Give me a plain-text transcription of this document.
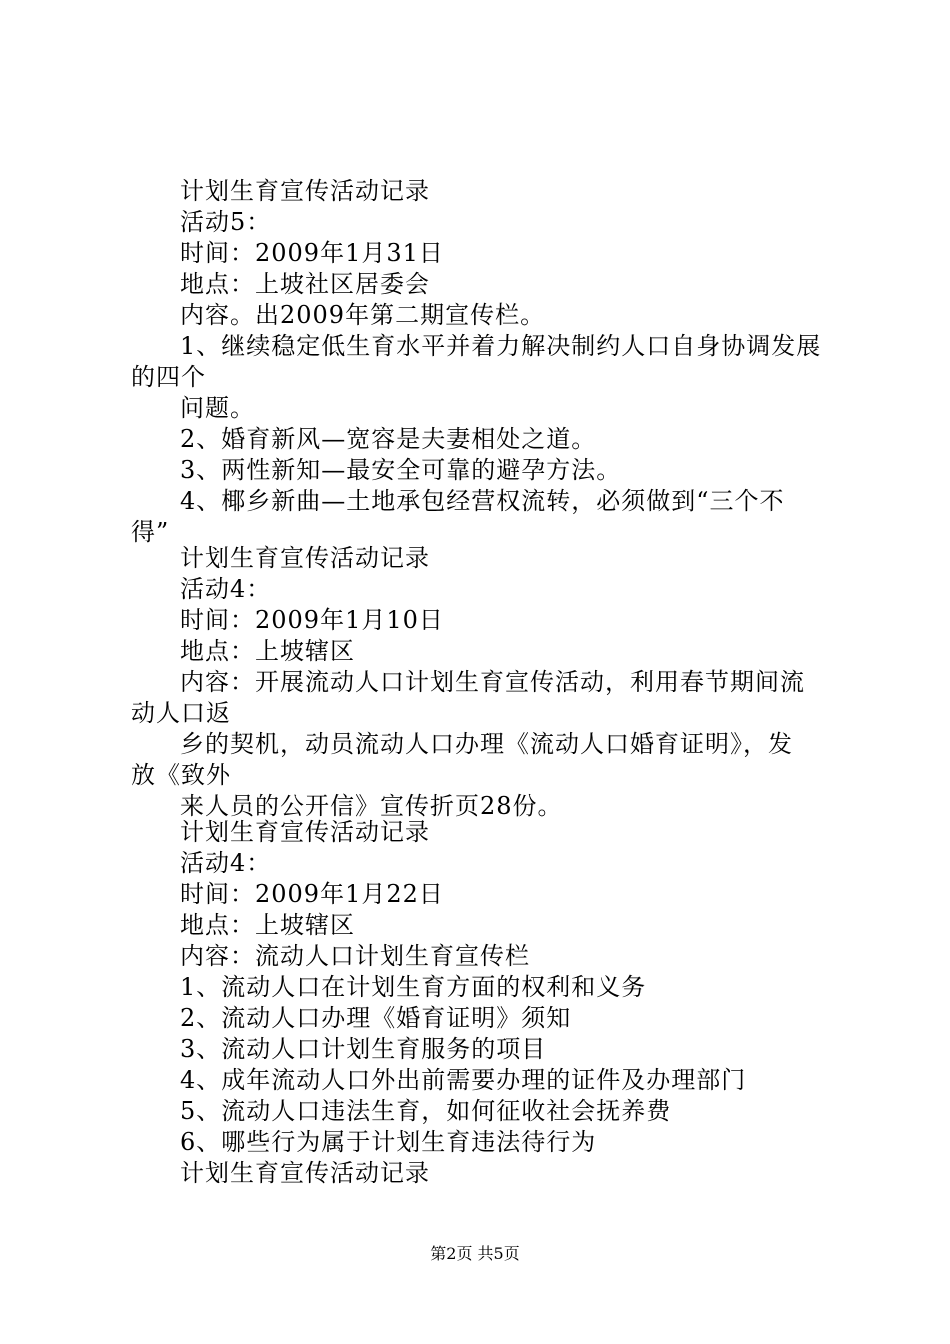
计划生育宣传活动记录
活动5：
时间：2009年1月31日
地点：上坡社区居委会
内容。出2009年第二期宣传栏。
1、继续稳定低生育水平并着力解决制约人口自身协调发展
的四个
问题。
2、婚育新风—宽容是夫妻相处之道。
3、两性新知—最安全可靠的避孕方法。
4、椰乡新曲—土地承包经营权流转，必须做到“三个不
得”
计划生育宣传活动记录
活动4：
时间：2009年1月10日
地点：上坡辖区
内容：开展流动人口计划生育宣传活动，利用春节期间流
动人口返
乡的契机，动员流动人口办理《流动人口婚育证明》，发
放《致外
来人员的公开信》宣传折页28份。
计划生育宣传活动记录
活动4：
时间：2009年1月22日
地点：上坡辖区
内容：流动人口计划生育宣传栏
1、流动人口在计划生育方面的权利和义务
2、流动人口办理《婚育证明》须知
3、流动人口计划生育服务的项目
4、成年流动人口外出前需要办理的证件及办理部门
5、流动人口违法生育，如何征收社会抚养费
6、哪些行为属于计划生育违法待行为
计划生育宣传活动记录
第2页 共5页
